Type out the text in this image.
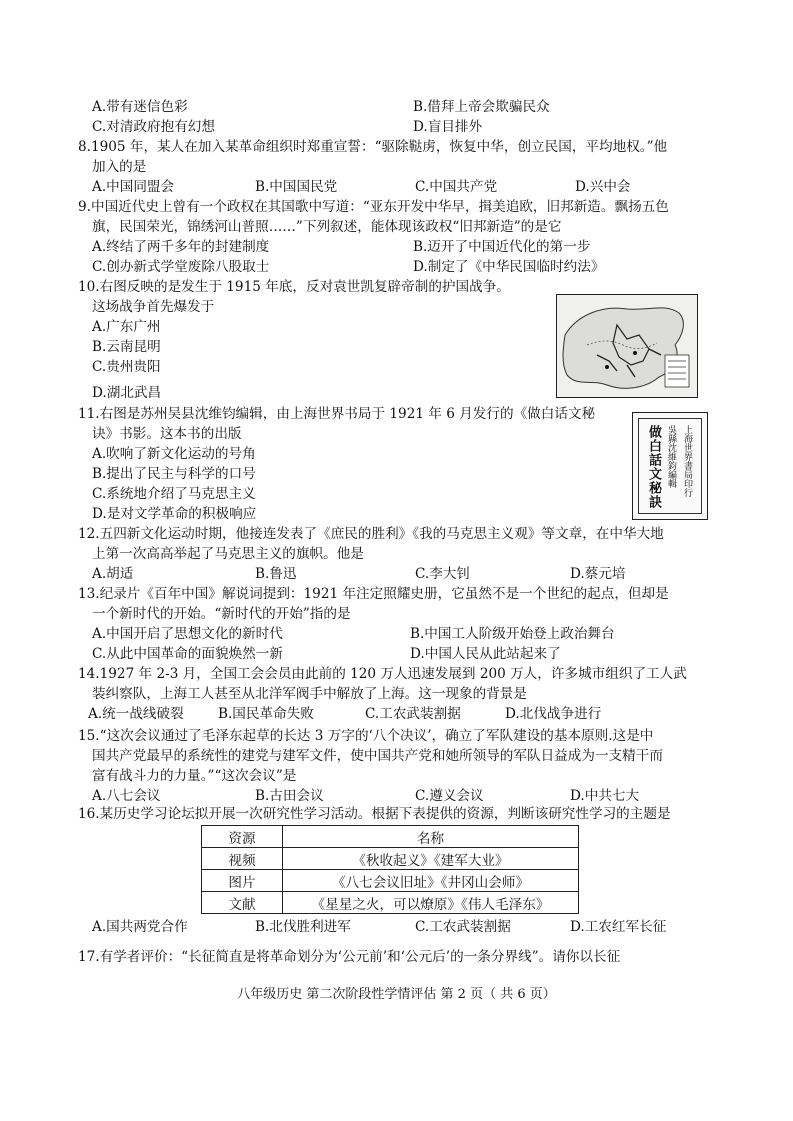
A.带有迷信色彩	B.借拜上帝会欺骗民众
C.对清政府抱有幻想	D.盲目排外
8.1905 年，某人在加入某革命组织时郑重宣誓：“驱除鞑虏，恢复中华，创立民国，平均地权。”他
加入的是
A.中国同盟会	B.中国国民党	C.中国共产党	D.兴中会
9.中国近代史上曾有一个政权在其国歌中写道：“亚东开发中华早，揖美追欧，旧邦新造。飘扬五色
旗，民国荣光，锦绣河山普照……”下列叙述，能体现该政权“旧邦新造”的是它
A.终结了两千多年的封建制度	B.迈开了中国近代化的第一步
C.创办新式学堂废除八股取士	D.制定了《中华民国临时约法》
10.右图反映的是发生于 1915 年底，反对袁世凯复辟帝制的护国战争。
这场战争首先爆发于
A.广东广州
B.云南昆明
C.贵州贵阳
D.湖北武昌
11.右图是苏州吴县沈维钧编辑，由上海世界书局于 1921 年 6 月发行的《做白话文秘
诀》书影。这本书的出版
A.吹响了新文化运动的号角
B.提出了民主与科学的口号
C.系统地介绍了马克思主义
D.是对文学革命的积极响应
做白話文秘訣 吳縣沈維鈞編輯 上海世界書局印行
12.五四新文化运动时期，他接连发表了《庶民的胜利》《我的马克思主义观》等文章，在中华大地
上第一次高高举起了马克思主义的旗帜。他是
A.胡适	B.鲁迅	C.李大钊	D.蔡元培
13.纪录片《百年中国》解说词提到：1921 年注定照耀史册，它虽然不是一个世纪的起点，但却是
一个新时代的开始。“新时代的开始”指的是
A.中国开启了思想文化的新时代	B.中国工人阶级开始登上政治舞台
C.从此中国革命的面貌焕然一新	D.中国人民从此站起来了
14.1927 年 2-3 月，全国工会会员由此前的 120 万人迅速发展到 200 万人，许多城市组织了工人武
装纠察队，上海工人甚至从北洋军阀手中解放了上海。这一现象的背景是
A.统一战线破裂	B.国民革命失败	C.工农武装割据	D.北伐战争进行
15.“这次会议通过了毛泽东起草的长达 3 万字的‘八个决议’，确立了军队建设的基本原则.这是中
国共产党最早的系统性的建党与建军文件，使中国共产党和她所领导的军队日益成为一支精干而
富有战斗力的力量。”“这次会议”是
A.八七会议	B.古田会议	C.遵义会议	D.中共七大
16.某历史学习论坛拟开展一次研究性学习活动。根据下表提供的资源，判断该研究性学习的主题是
资源	名称
视频	《秋收起义》《建军大业》
图片	《八七会议旧址》《井冈山会师》
文献	《星星之火，可以燎原》《伟人毛泽东》
A.国共两党合作	B.北伐胜利进军	C.工农武装割据	D.工农红军长征
17.有学者评价：“长征简直是将革命划分为‘公元前’和‘公元后’的一条分界线”。请你以长征
八年级历史 第二次阶段性学情评估 第 2 页（ 共 6 页）
